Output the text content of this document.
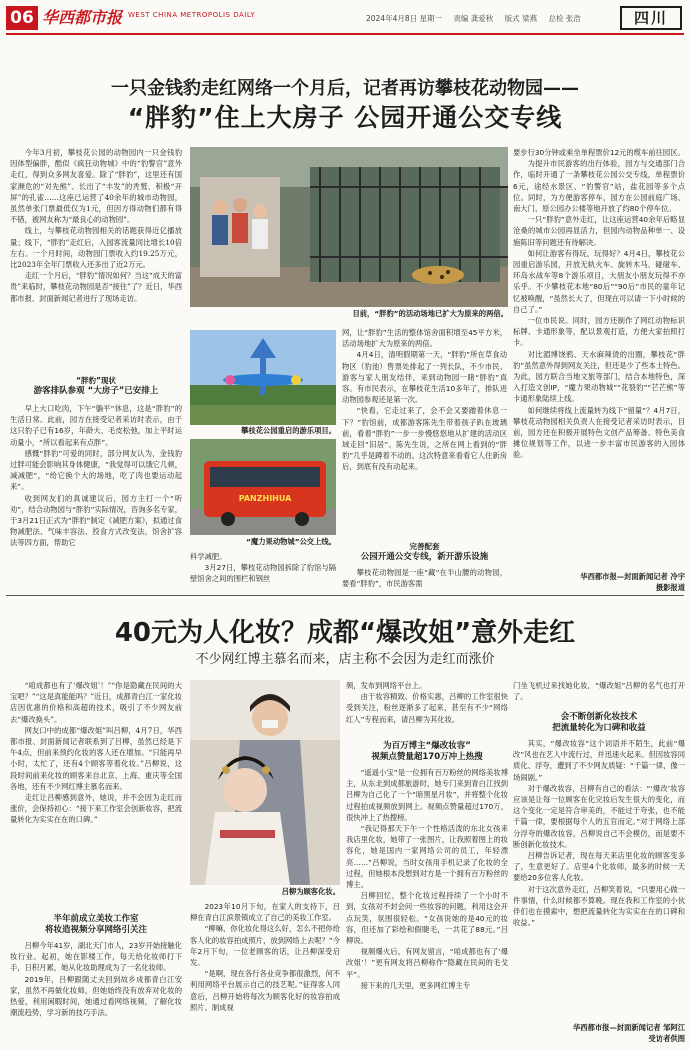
06 华西都市报 WEST CHINA METROPOLIS DAILY	2024年4月8日 星期一 责编 龚爱秋 版式 梁燕 总检 张浩	四川
一只金钱豹走红网络一个月后，记者再访攀枝花动物园——
“胖豹”住上大房子 公园开通公交专线

今年3月初，攀枝花公园的动物园内一只金钱豹因体型偏胖，酷似《疯狂动物城》中的“豹警官”意外走红，得到众多网友喜爱。除了“胖豹”，这里还有国家濒危的“对先熊”、长出了“丰发”的秃鹫、积极“开屏”的孔雀……这座已运营了40余年的城市动物园，虽然单张门票最低仅为1元，但因方得动物们都有得不错，被网友称为“最良心的动物园”。

线上，与攀枝花动物园相关的话题获得近亿播放量；线下，“胖豹”走红后，入园客流量同比增长10倍左右。一个月时间，动物园门票收入约19.25万元，比2023年全年门票收入还多出了近2万元。

走红一个月后，“胖豹”情况如何？当这“成天的富贵”来临时，攀枝花动物园是否“接住”了？近日，华西都市报、封面新闻记者进行了现场走访。

“胖豹”现状
游客排队参观 “大房子”已安排上

早上大口吃肉，下午“躺平”休息，这是“胖豹”的生活日常。此前，园方在接受记者采访时表示，由于这只豹子已有16岁，年龄大、毛皮松弛，加上平时运动量小，“所以看起来有点胖”。

感慨“胖豹”可爱的同时，部分网友认为，金钱豹过胖可能会影响其身体健康，“我觉得可以饿它几顿，减减肥”，“给它换个大的场地，吃了肉也要运动起来”。

收到网友们的真诚建议后，园方主打一个“听劝”，结合动物园与“胖豹”实际情况，咨询多名专家，于3月21日正式为“胖豹”制定《减肥方案》，拟通过食物减肥法、气味丰容法、投食方式改变法，馆舍扩容法等四方面，帮助它

目前，“胖豹”的活动场地已扩大为原来的两倍。
攀枝花公园重启的游乐项目。
PANZHIHUA
“魔力果动物城”公交上线。

科学减肥。

3月27日，攀枝花动物园拆除了豹馆与隔壁馆舍之间的围栏和钢丝

网，让“胖豹”生活的整体馆舍面积增至45平方米，活动场地扩大为原来的两倍。

4月4日，清明假期第一天，“胖豹”所在草食动物区（豹池）售票处排起了一列长队，不少市民、游客与家人朋友结伴，来到动物园一睹“胖豹”真容。有市民表示，在攀枝花生活10多年了，排队进动物园参观还是第一次。

“快看，它走过来了，会不会又要蹭着休息一下？”豹馆前，成都游客陈先生带着孩子趴在玻璃前，看着“胖豹”一步一步慢悠悠地从扩建的活动区域走回“旧居”。陈先生说，之所在网上看到的“胖豹”几乎是蹲着不动的，这次特意来看看它人住新房后，到底有没有动起来。

完善配套
公园开通公交专线，新开游乐设施

攀枝花动物园是一座“藏”在半山腰的动物园，要看“胖豹”，市民游客需

要步行30分钟或乘坐单程票价12元的缆车前往园区。

为提升市民游客的出行体验，园方与交通部门合作，临时开通了一条攀枝花公园公交专线，单程票价6元，途经水景区、“豹警官”站，盐花园等多个点位。同时，为方便游客停车，园方在公园前庭广场、南大门、原公园办公楼等地开放了约80个停车位。

一只“胖豹”意外走红，让这座运营40余年后略显沧桑的城市公园再显活力，但园内动物品种单一、设施陈旧等问题还有待解决。

如何让游客有得玩，玩得好？4月4日，攀枝花公园重启游乐园，开放无轨火车、旋转木马、碰碰车、环岛水战车等8个游乐项目，大朋友小朋友玩得不亦乐乎。不少攀枝花本地“80后”“90后”市民的童年记忆被唤醒，“虽然长大了，但现在可以请一下小时候的自己了。”

一位市民说。同时，园方还制作了网红动物标识标牌、卡通形象等，配以景观打造，方便大家拍照打卡。

对比湄博饶鸦、天水麻辣烫的出圈，攀枝花“胖豹”虽然意外得到网友关注，但还是少了些本土特色。为此，园方联合当地文旅等部门，结合本地特色，深入打造文创IP，“魔力果动物城”“花裂豹”“芒芒熊”等卡通形象陆续上线。

如何继续将线上流量转为线下“留量”？4月7日，攀枝花动物园相关负责人在接受记者采访时表示，目前，园方还在积极开展特色文创产品筹备、特色美食摊位规划等工作，以进一步丰富市民游客的入园体验。

华西都市报—封面新闻记者 冷宇
摄影报道
40元为人化妆？成都“爆改姐”意外走红
不少网红博主慕名而来，店主称不会因为走红而涨价

“咱成都也有了‘爆改姐’！”“你是隐藏在民间的大宝吧？”“这是真能能吗？”近日，成都青白江一家化妆店因优惠的价格和高超的技术，吸引了不少网友前去“爆改换头”。

网友口中的成都“爆改姐”叫吕柳，4月7日，华西都市报、封面新闻记者联系到了吕柳，虽然已经是下午4点，但前来预约化妆的客人还在增加。“只能再早小时，太忙了，还有4个顾客等着化妆。”吕柳说，这段时间前来化妆的顾客来自北京、上海、重庆等全国各地，还有不少网红博主慕名而来。

走红让吕柳感到意外，她说，并不会因为走红而涨价，会保持初心：“接下来工作室会创新妆容，把流量转化为实实在在的口碑。”

半年前成立美妆工作室
将妆造视频分享网络引关注

吕柳今年41岁，湖北天门市人，23岁开始接触化妆行业。起初，她在影楼工作，每天给化妆师打下手，日积月累，她从化妆助理成为了一名化妆师。

2019年，吕柳跟随丈夫回到故乡成都青白江安家，虽然不再做化妆师，但她始终没有放弃对化妆的热爱，利用闲暇时间，她通过看网络视频，了解化妆潮流趋势，学习新的技巧手法。

吕柳为顾客化妆。

2023年10月下旬，在家人的支持下，吕柳在青白江滨景镇成立了自己的美妆工作室。

“柳嘛，你化妆化得这么好，怎么不把你给客人化的妆容拍成照片，放到网络上去呢？”今年2月下旬，一位老顾客的话，让吕柳深受启发。

“是啊，现在各行各业竞争都很激烈，何不利用网络平台展示自己的技艺呢。”征得客人同意后，吕柳开始将每次为顾客化好的妆容拍成照片、制成视

频，发布到网络平台上。

由于妆容精致、价格实惠，吕柳的工作室很快受到关注，粉丝逐渐多了起来，甚至有不少“网络红人”专程而来，请吕柳为其化妆。

为百万博主“爆改妆容”
视频点赞量超170万冲上热搜

“遥遥小宝”是一位拥有百万粉丝的网络美妆博主，从东北到成都旅游时，她专门来到青白江找到吕柳为自己化了一个“暗黑星月妆”，并将整个化妆过程拍成视频放到网上。视频点赞量超过170万，很快冲上了热搜榜。

“我记得那天下午一个性格活泼的东北女孩来我店里化妆，她带了一张图片，让我照着图上的妆容化，她是国内一家网络公司的员工，年轻漂亮……”吕柳说，当时女孩用手机记录了化妆的全过程，但她根本没想到对方是一个拥有百万粉丝的博主。

吕柳回忆，整个化妆过程持续了一个小时不到，女孩对不封会问一些妆容的问题，利用这会开点玩笑，氛围很轻松。“女孩说她的是40元的妆容，但还加了彩绘和假睫毛，一共花了88元。”吕柳说。

视频爆火后，有网友留言，“咱成都也有了‘爆改姐’！”更有网友将吕柳称作“隐藏在民间的毛戈平”。

接下来的几天里，更多网红博主专

门坐飞机过来找她化妆，“爆改姐”吕柳的名气也打开了。

会不断创新化妆技术
把流量转化为口碑和收益

其实，“爆改妆容”这个词语并不陌生，此前“爆改”风也在艺人中流行过，并迅速火起来。但因妆容同质化、浮夸，遭到了不少网友质疑：“千篇一律，像一场闹剧。”

对于爆改妆容，吕柳有自己的看法：“‘爆改’妆容应该是让每一位顾客在化完妆后发生很大的变化，而这个变化一定是符合审美的，不能过于夸张，也不能千篇一律，要根据每个人的五官而定。”对于网络上部分浮夸的爆改妆容，吕柳说自己不会模仿，而是要不断创新化妆技术。

吕柳告诉记者，现在每天来店里化妆的顾客变多了，生意更好了。店里4个化妆师，最多的时候一天要给20多位客人化妆。

对于这次意外走红，吕柳笑着说，“只要用心做一件事情，什么时候都不算晚。现在我和工作室的小伙伴们也在摸索中，想把流量转化为实实在在的口碑和收益。”

华西都市报—封面新闻记者 邹阿江
受访者供图
